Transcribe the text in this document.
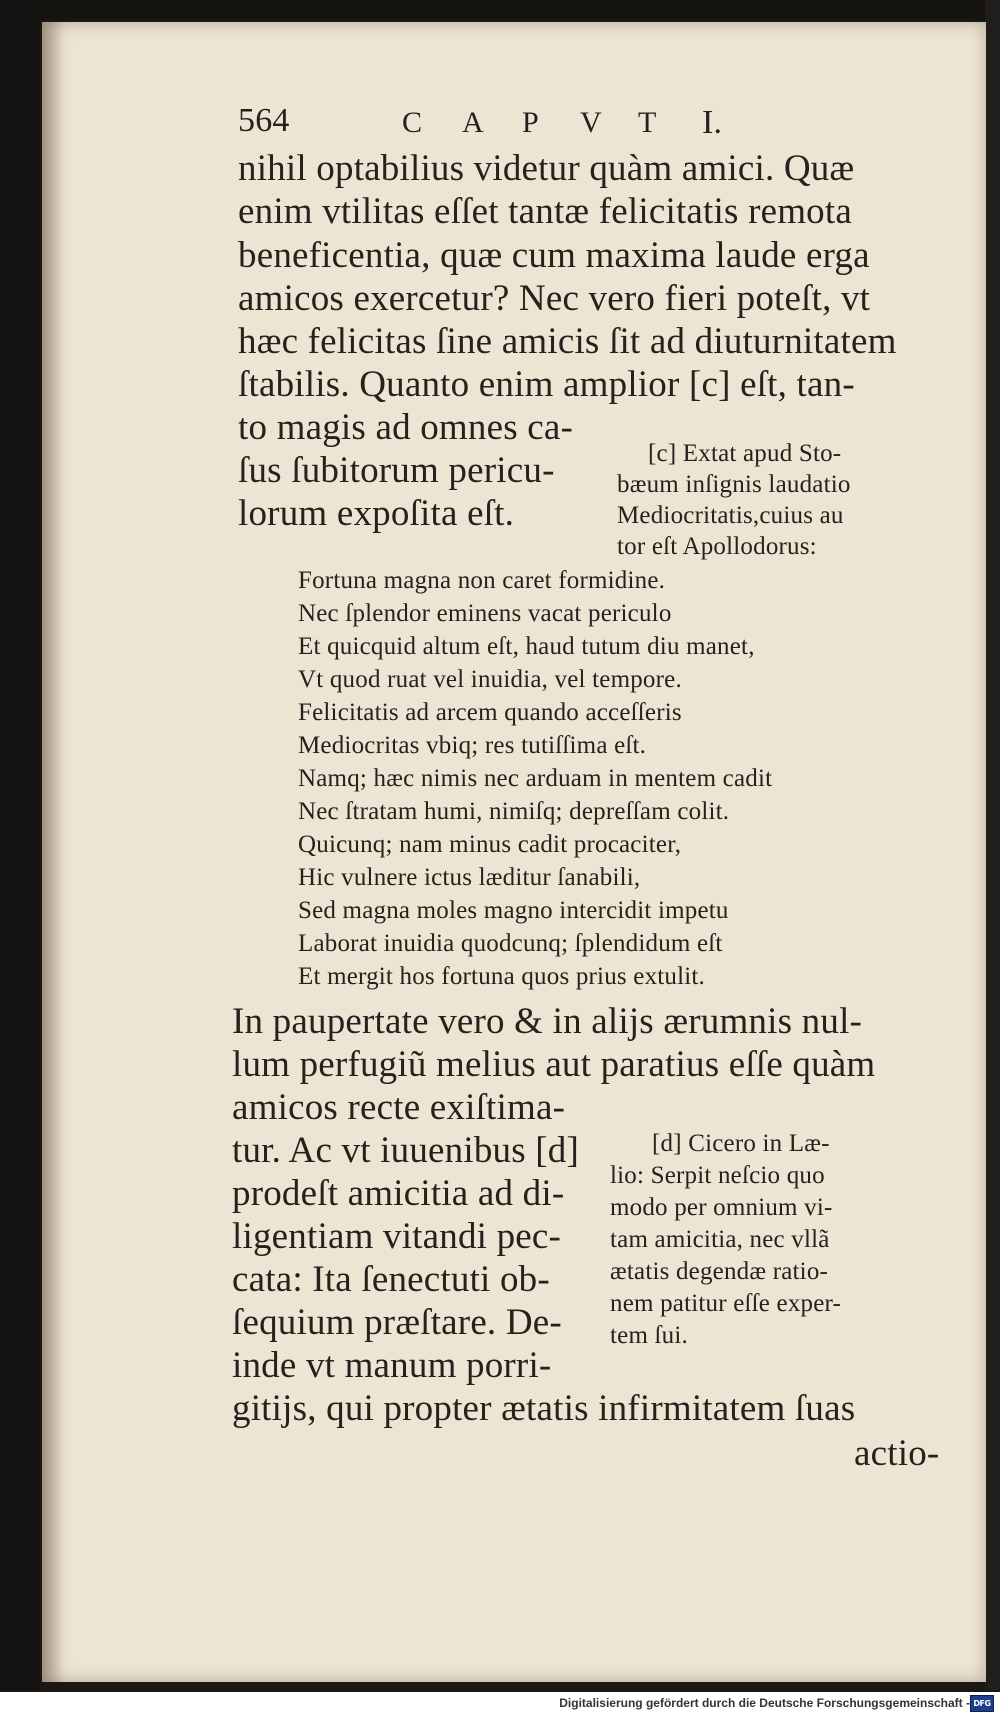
564	C A P V T I.
nihil optabilius videtur quàm amici. Quæ
enim vtilitas eſſet tantæ felicitatis remota
beneficentia, quæ cum maxima laude erga
amicos exercetur? Nec vero fieri poteſt, vt
hæc felicitas ſine amicis ſit ad diuturnitatem
ſtabilis. Quanto enim amplior [c] eſt, tan-
to magis ad omnes ca-
ſus ſubitorum pericu-
lorum expoſita eſt.
[c] Extat apud Sto-
bæum inſignis laudatio
Mediocritatis,cuius au
tor eſt Apollodorus:
Fortuna magna non caret formidine.
Nec ſplendor eminens vacat periculo
Et quicquid altum eſt, haud tutum diu manet,
Vt quod ruat vel inuidia, vel tempore.
Felicitatis ad arcem quando acceſſeris
Mediocritas vbiq; res tutiſſima eſt.
Namq; hæc nimis nec arduam in mentem cadit
Nec ſtratam humi, nimiſq; depreſſam colit.
Quicunq; nam minus cadit procaciter,
Hic vulnere ictus læditur ſanabili,
Sed magna moles magno intercidit impetu
Laborat inuidia quodcunq; ſplendidum eſt
Et mergit hos fortuna quos prius extulit.
In paupertate vero & in alijs ærumnis nul-
lum perfugiũ melius aut paratius eſſe quàm
amicos recte exiſtima-
tur. Ac vt iuuenibus [d]
prodeſt amicitia ad di-
ligentiam vitandi pec-
cata: Ita ſenectuti ob-
ſequium præſtare. De-
inde vt manum porri-
gitijs, qui propter ætatis infirmitatem ſuas
actio-
[d] Cicero in Læ-
lio: Serpit neſcio quo
modo per omnium vi-
tam amicitia, nec vllã
ætatis degendæ ratio-
nem patitur eſſe exper-
tem ſui.
Digitalisierung gefördert durch die Deutsche Forschungsgemeinschaft - DFG
